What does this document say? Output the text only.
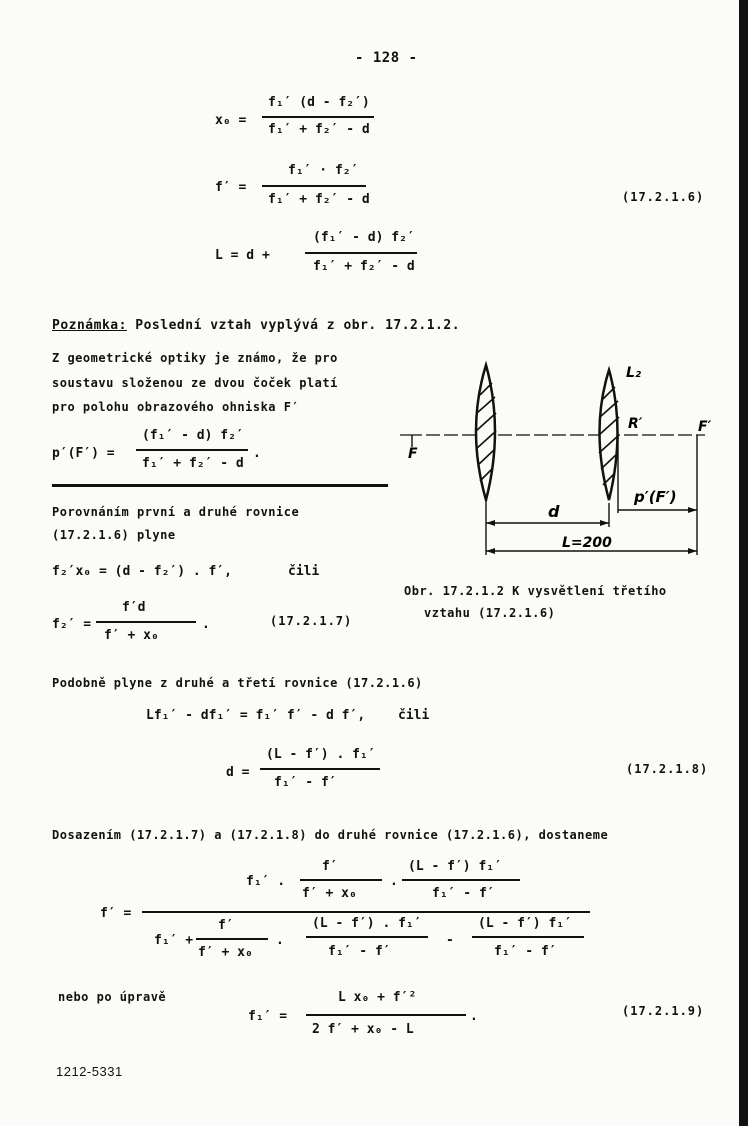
- 128 -
x₀ =
f₁′ (d - f₂′)
f₁′ + f₂′ - d
f′ =
f₁′ · f₂′
f₁′ + f₂′ - d	(17.2.1.6)
L = d +
(f₁′ - d) f₂′
f₁′ + f₂′ - d
Poznámka: Poslední vztah vyplývá z obr. 17.2.1.2.
Z geometrické optiky je známo, že pro
soustavu složenou ze dvou čoček platí
pro polohu obrazového ohniska F′
p′(F′) =
(f₁′ - d) f₂′
f₁′ + f₂′ - d
.
Porovnáním první a druhé rovnice
(17.2.1.6) plyne
f₂′x₀ = (d - f₂′) . f′,	čili
f₂′ =
f′d
f′ + x₀
.	(17.2.1.7)
L₂
R′	F′
F
d
p′(F′)
L=200
Obr. 17.2.1.2 K vysvětlení třetího
vztahu (17.2.1.6)
Podobně plyne z druhé a třetí rovnice (17.2.1.6)
Lf₁′ - df₁′ = f₁′ f′ - d f′,	čili
d =
(L - f′) . f₁′
f₁′ - f′
(17.2.1.8)
Dosazením (17.2.1.7) a (17.2.1.8) do druhé rovnice (17.2.1.6), dostaneme
f′ =
f₁′ .
f′
f′ + x₀
.
(L - f′) f₁′
f₁′ - f′
f₁′ +
f′
f′ + x₀
.
(L - f′) . f₁′
f₁′ - f′
-
(L - f′) f₁′
f₁′ - f′
nebo po úpravě
f₁′ =
L x₀ + f′²
2 f′ + x₀ - L
.	(17.2.1.9)
1212-5331
